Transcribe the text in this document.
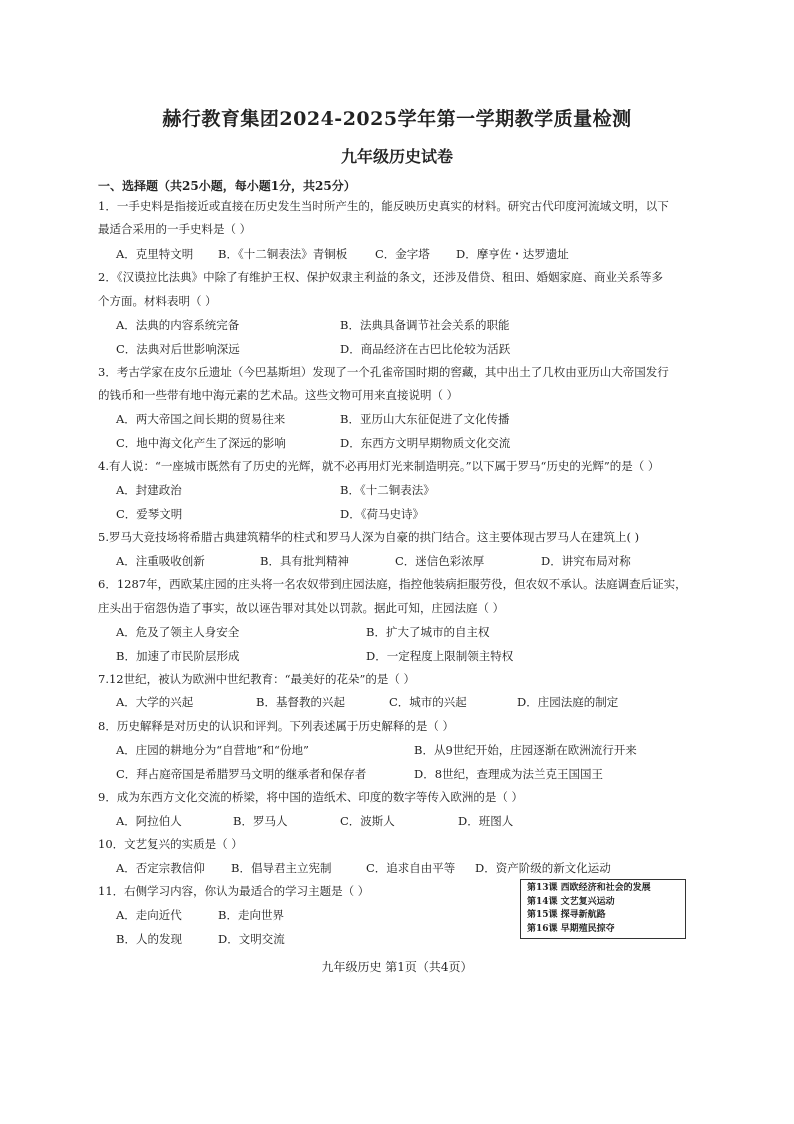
赫行教育集团2024-2025学年第一学期教学质量检测
九年级历史试卷
一、选择题（共25小题，每小题1分，共25分）
1．一手史料是指接近或直接在历史发生当时所产生的，能反映历史真实的材料。研究古代印度河流域文明，以下
最适合采用的一手史料是（ ）
A．克里特文明 B．《十二铜表法》青铜板 C．金字塔 D．摩亨佐・达罗遗址
2．《汉谟拉比法典》中除了有维护王权、保护奴隶主利益的条文，还涉及借贷、租田、婚姻家庭、商业关系等多
个方面。材料表明（ ）
A．法典的内容系统完备	B．法典具备调节社会关系的职能
C．法典对后世影响深远	D．商品经济在古巴比伦较为活跃
3．考古学家在皮尔丘遗址（今巴基斯坦）发现了一个孔雀帝国时期的窖藏，其中出土了几枚由亚历山大帝国发行
的钱币和一些带有地中海元素的艺术品。这些文物可用来直接说明（ ）
A．两大帝国之间长期的贸易往来	B．亚历山大东征促进了文化传播
C．地中海文化产生了深远的影响	D．东西方文明早期物质文化交流
4.有人说：“一座城市既然有了历史的光辉，就不必再用灯光来制造明亮。”以下属于罗马“历史的光辉”的是（ ）
A．封建政治	B．《十二铜表法》
C．爱琴文明	D．《荷马史诗》
5.罗马大竞技场将希腊古典建筑精华的柱式和罗马人深为自豪的拱门结合。这主要体现古罗马人在建筑上( )
A．注重吸收创新	B．具有批判精神	C．迷信色彩浓厚	D．讲究布局对称
6．1287年，西欧某庄园的庄头将一名农奴带到庄园法庭，指控他装病拒服劳役，但农奴不承认。法庭调查后证实，
庄头出于宿怨伪造了事实，故以诬告罪对其处以罚款。据此可知，庄园法庭（ ）
A．危及了领主人身安全	B．扩大了城市的自主权
B．加速了市民阶层形成	D．一定程度上限制领主特权
7.12世纪，被认为欧洲中世纪教育：“最美好的花朵”的是（ ）
A．大学的兴起	B．基督教的兴起	C．城市的兴起	D．庄园法庭的制定
8．历史解释是对历史的认识和评判。下列表述属于历史解释的是（ ）
A．庄园的耕地分为“自营地”和“份地”	B．从9世纪开始，庄园逐渐在欧洲流行开来
C．拜占庭帝国是希腊罗马文明的继承者和保存者	D．8世纪，查理成为法兰克王国国王
9．成为东西方文化交流的桥梁，将中国的造纸术、印度的数字等传入欧洲的是（ ）
A．阿拉伯人	B．罗马人	C．波斯人	D．班图人
10．文艺复兴的实质是（ ）
A．否定宗教信仰 B．倡导君主立宪制	C．追求自由平等 D．资产阶级的新文化运动
11．右侧学习内容，你认为最适合的学习主题是（ ）
A．走向近代	B．走向世界
B．人的发现	D．文明交流
第13课 西欧经济和社会的发展
第14课 文艺复兴运动
第15课 探寻新航路
第16课 早期殖民掠夺
九年级历史 第1页（共4页）
